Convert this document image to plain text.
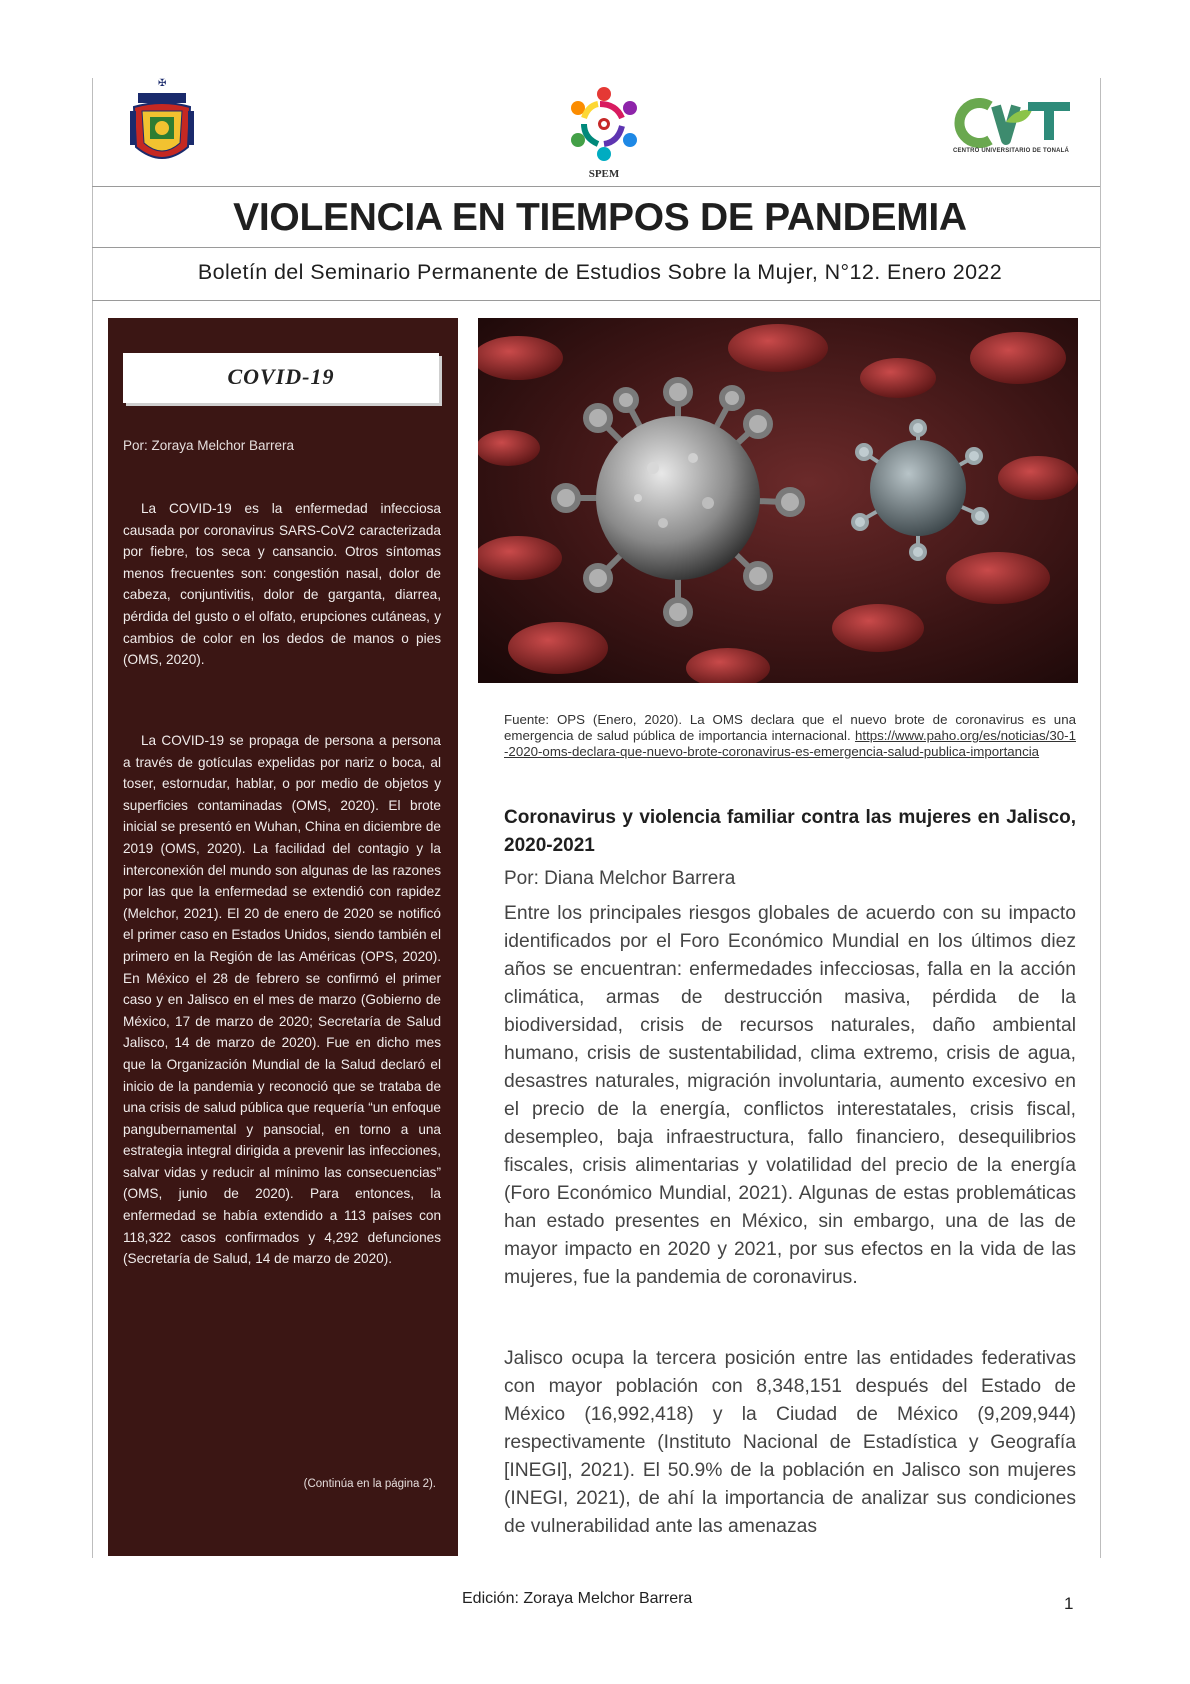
✠
SPEM
CENTRO UNIVERSITARIO DE TONALÁ
VIOLENCIA EN TIEMPOS DE PANDEMIA
Boletín del Seminario Permanente de Estudios Sobre la Mujer, N°12. Enero 2022
COVID-19
Por: Zoraya Melchor Barrera

La COVID-19 es la enfermedad infecciosa causada por coronavirus SARS-CoV2 caracterizada por fiebre, tos seca y cansancio. Otros síntomas menos frecuentes son: congestión nasal, dolor de cabeza, conjuntivitis, dolor de garganta, diarrea, pérdida del gusto o el olfato, erupciones cutáneas, y cambios de color en los dedos de manos o pies (OMS, 2020).

La COVID-19 se propaga de persona a persona a través de gotículas expelidas por nariz o boca, al toser, estornudar, hablar, o por medio de objetos y superficies contaminadas (OMS, 2020). El brote inicial se presentó en Wuhan, China en diciembre de 2019 (OMS, 2020). La facilidad del contagio y la interconexión del mundo son algunas de las razones por las que la enfermedad se extendió con rapidez (Melchor, 2021). El 20 de enero de 2020 se notificó el primer caso en Estados Unidos, siendo también el primero en la Región de las Américas (OPS, 2020). En México el 28 de febrero se confirmó el primer caso y en Jalisco en el mes de marzo (Gobierno de México, 17 de marzo de 2020; Secretaría de Salud Jalisco, 14 de marzo de 2020). Fue en dicho mes que la Organización Mundial de la Salud declaró el inicio de la pandemia y reconoció que se trataba de una crisis de salud pública que requería “un enfoque pangubernamental y pansocial, en torno a una estrategia integral dirigida a prevenir las infecciones, salvar vidas y reducir al mínimo las consecuencias” (OMS, junio de 2020). Para entonces, la enfermedad se había extendido a 113 países con 118,322 casos confirmados y 4,292 defunciones (Secretaría de Salud, 14 de marzo de 2020).

(Continúa en la página 2).

Fuente: OPS (Enero, 2020). La OMS declara que el nuevo brote de coronavirus es una emergencia de salud pública de importancia internacional. https://www.paho.org/es/noticias/30-1-2020-oms-declara-que-nuevo-brote-coronavirus-es-emergencia-salud-publica-importancia

Coronavirus y violencia familiar contra las mujeres en Jalisco, 2020-2021

Por: Diana Melchor Barrera

Entre los principales riesgos globales de acuerdo con su impacto identificados por el Foro Económico Mundial en los últimos diez años se encuentran: enfermedades infecciosas, falla en la acción climática, armas de destrucción masiva, pérdida de la biodiversidad, crisis de recursos naturales, daño ambiental humano, crisis de sustentabilidad, clima extremo, crisis de agua, desastres naturales, migración involuntaria, aumento excesivo en el precio de la energía, conflictos interestatales, crisis fiscal, desempleo, baja infraestructura, fallo financiero, desequilibrios fiscales, crisis alimentarias y volatilidad del precio de la energía (Foro Económico Mundial, 2021). Algunas de estas problemáticas han estado presentes en México, sin embargo, una de las de mayor impacto en 2020 y 2021, por sus efectos en la vida de las mujeres, fue la pandemia de coronavirus.

Jalisco ocupa la tercera posición entre las entidades federativas con mayor población con 8,348,151 después del Estado de México (16,992,418) y la Ciudad de México (9,209,944) respectivamente (Instituto Nacional de Estadística y Geografía [INEGI], 2021). El 50.9% de la población en Jalisco son mujeres (INEGI, 2021), de ahí la importancia de analizar sus condiciones de vulnerabilidad ante las amenazas

Edición: Zoraya Melchor Barrera	1
